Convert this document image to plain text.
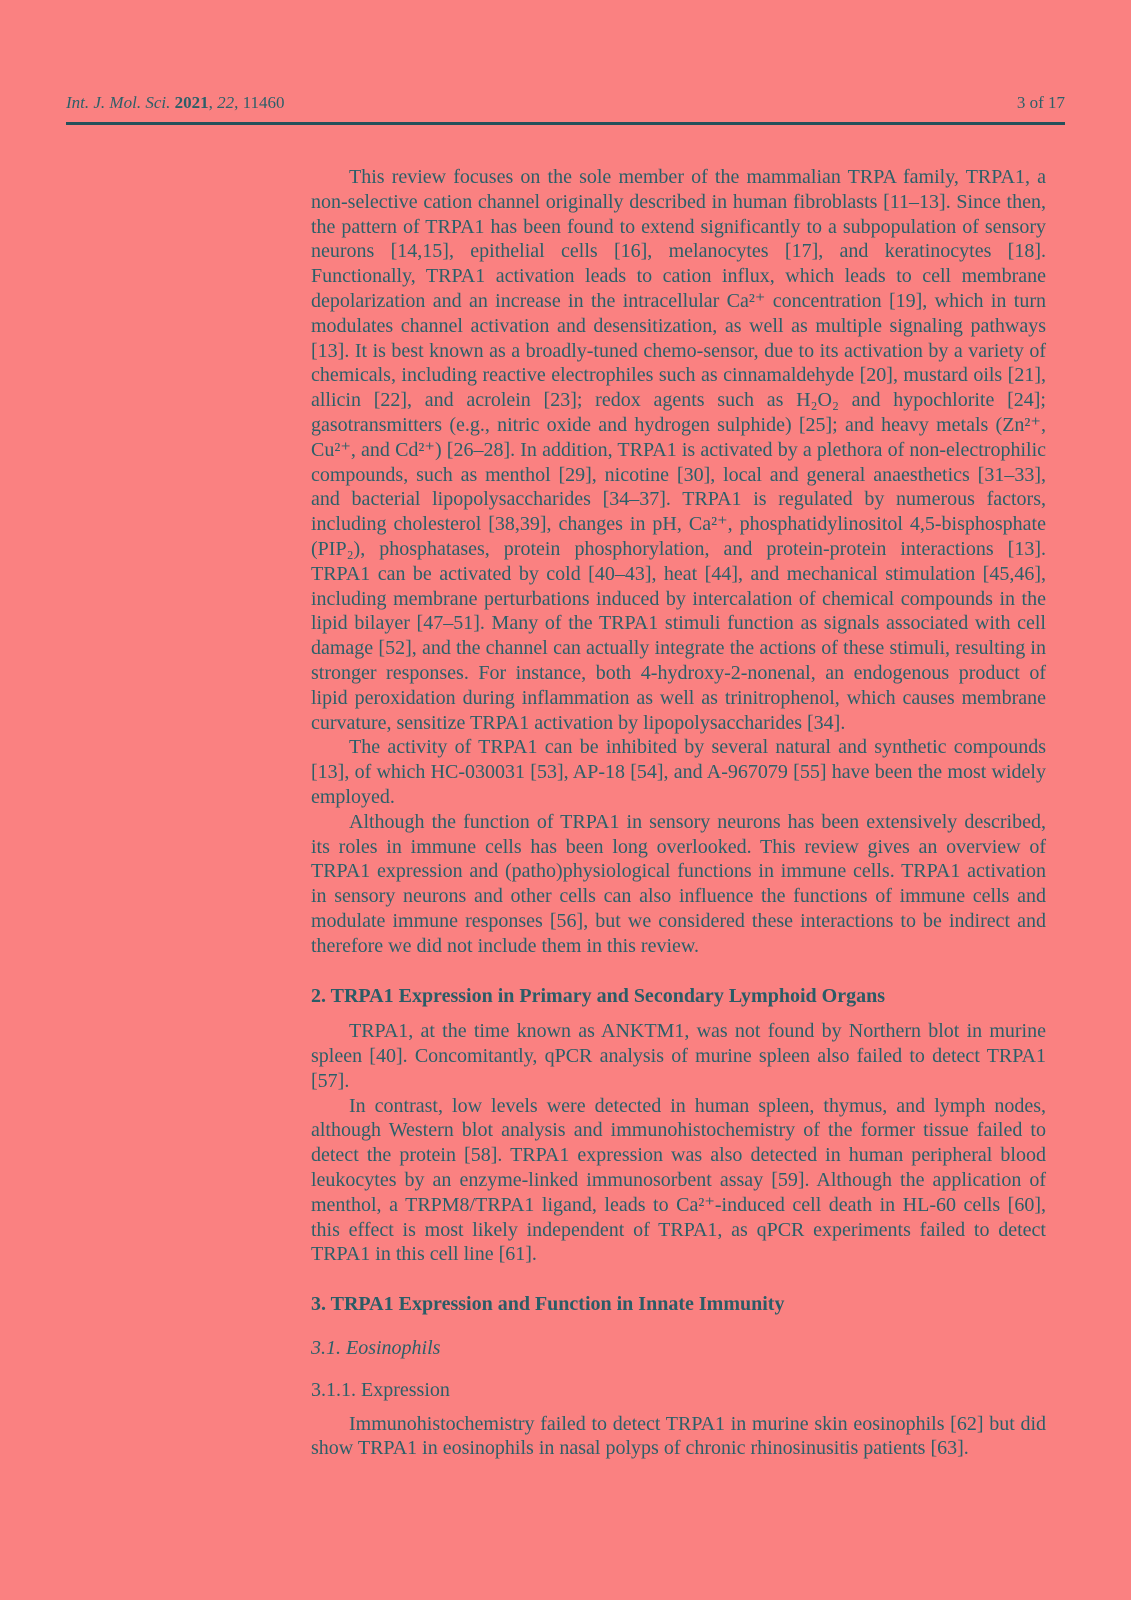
Int. J. Mol. Sci. 2021, 22, 11460	3 of 17

This review focuses on the sole member of the mammalian TRPA family, TRPA1, a non-selective cation channel originally described in human fibroblasts [11–13]. Since then, the pattern of TRPA1 has been found to extend significantly to a subpopulation of sensory neurons [14,15], epithelial cells [16], melanocytes [17], and keratinocytes [18]. Functionally, TRPA1 activation leads to cation influx, which leads to cell membrane depolarization and an increase in the intracellular Ca²⁺ concentration [19], which in turn modulates channel activation and desensitization, as well as multiple signaling pathways [13]. It is best known as a broadly-tuned chemo-sensor, due to its activation by a variety of chemicals, including reactive electrophiles such as cinnamaldehyde [20], mustard oils [21], allicin [22], and acrolein [23]; redox agents such as H₂O₂ and hypochlorite [24]; gasotransmitters (e.g., nitric oxide and hydrogen sulphide) [25]; and heavy metals (Zn²⁺, Cu²⁺, and Cd²⁺) [26–28]. In addition, TRPA1 is activated by a plethora of non-electrophilic compounds, such as menthol [29], nicotine [30], local and general anaesthetics [31–33], and bacterial lipopolysaccharides [34–37]. TRPA1 is regulated by numerous factors, including cholesterol [38,39], changes in pH, Ca²⁺, phosphatidylinositol 4,5-bisphosphate (PIP₂), phosphatases, protein phosphorylation, and protein-protein interactions [13]. TRPA1 can be activated by cold [40–43], heat [44], and mechanical stimulation [45,46], including membrane perturbations induced by intercalation of chemical compounds in the lipid bilayer [47–51]. Many of the TRPA1 stimuli function as signals associated with cell damage [52], and the channel can actually integrate the actions of these stimuli, resulting in stronger responses. For instance, both 4-hydroxy-2-nonenal, an endogenous product of lipid peroxidation during inflammation as well as trinitrophenol, which causes membrane curvature, sensitize TRPA1 activation by lipopolysaccharides [34].

The activity of TRPA1 can be inhibited by several natural and synthetic compounds [13], of which HC-030031 [53], AP-18 [54], and A-967079 [55] have been the most widely employed.

Although the function of TRPA1 in sensory neurons has been extensively described, its roles in immune cells has been long overlooked. This review gives an overview of TRPA1 expression and (patho)physiological functions in immune cells. TRPA1 activation in sensory neurons and other cells can also influence the functions of immune cells and modulate immune responses [56], but we considered these interactions to be indirect and therefore we did not include them in this review.

2. TRPA1 Expression in Primary and Secondary Lymphoid Organs

TRPA1, at the time known as ANKTM1, was not found by Northern blot in murine spleen [40]. Concomitantly, qPCR analysis of murine spleen also failed to detect TRPA1 [57].

In contrast, low levels were detected in human spleen, thymus, and lymph nodes, although Western blot analysis and immunohistochemistry of the former tissue failed to detect the protein [58]. TRPA1 expression was also detected in human peripheral blood leukocytes by an enzyme-linked immunosorbent assay [59]. Although the application of menthol, a TRPM8/TRPA1 ligand, leads to Ca²⁺-induced cell death in HL-60 cells [60], this effect is most likely independent of TRPA1, as qPCR experiments failed to detect TRPA1 in this cell line [61].

3. TRPA1 Expression and Function in Innate Immunity
3.1. Eosinophils
3.1.1. Expression

Immunohistochemistry failed to detect TRPA1 in murine skin eosinophils [62] but did show TRPA1 in eosinophils in nasal polyps of chronic rhinosinusitis patients [63].
